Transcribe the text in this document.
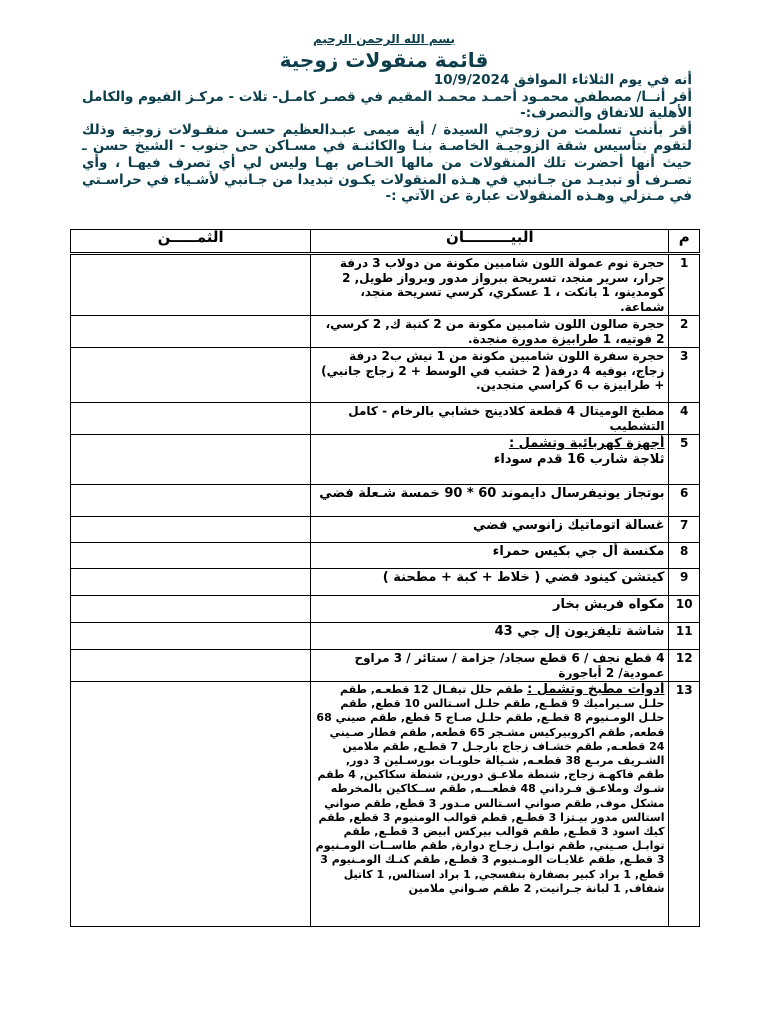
بسم الله الرحمن الرحيم
قائمة منقولات زوجية

أنه في يوم الثلاثاء الموافق 10/9/2024

أقر أنــا/ مصطفي محمـود أحمـد محمـد المقيم في قصـر كامـل- تلات - مركـز الفيوم والكامل الأهلية للاتفاق والتصرف:-

أقر بأننى تسلمت من زوجتي السيدة / أية ميمى عبـدالعظيم حسـن منقـولات زوجية وذلك لتقوم بتأسيس شقة الزوجيـة الخاصـة بنـا والكائنـة في مسـاكن حى جنوب - الشيخ حسن ـ حيث أنها أحضرت تلك المنقولات من مالها الخـاص بهـا وليس لي أي تصرف فيهـا ، وأي تصـرف أو تبديـد من جـانبي في هـذه المنقولات يكـون تبديدا من جـانبي لأشـياء في حراسـتي في مـنزلي وهـذه المنقولات عبارة عن الآتي :-

م	البيـــــــــان	الثمـــــن
1	حجرة نوم عمولة اللون شامبين مكونة من دولاب 3 درفة جرار، سرير منجد، تسريحة ببرواز مدور وبرواز طويل, 2 كومدينو، 1 بانكت ، 1 عسكري، كرسي تسريحة منجد، شماعة.	
2	حجرة صالون اللون شامبين مكونة من 2 كنبة ك, 2 كرسي، 2 فوتيه، 1 طرابيزة مدورة منجدة.	
3	حجرة سفرة اللون شامبين مكونة من 1 نيش ب2 درفة زجاج، بوفيه 4 درفة( 2 خشب في الوسط + 2 زجاج جانبي) + طرابيزة ب 6 كراسي منجدين.	
4	مطبخ الوميتال 4 قطعة كلادينج خشابي بالرخام - كامل التشطيب	
5	أجهزة كهربائية وتشمل :
ثلاجة شارب 16 قدم سوداء	
6	بوتجاز يونيفرسال دايموند 60 * 90 خمسة شـعلة فضي	
7	غسالة اتوماتيك زانوسي فضي	
8	مكنسة أل جي بكيس حمراء	
9	كيتشن كينود فضي ( خلاط + كبة + مطحنة )	
10	مكواه فريش بخار	
11	شاشة تليفزيون إل جي 43	
12	4 قطع نجف / 6 قطع سجاد/ جزامة / ستائر / 3 مراوح عمودية/ 2 أباجورة	
13	أدوات مطبخ وتشمل : طقم حلل تيفـال 12 قطعـه, طقم حلـل سـيراميك 9 قطـع, طقم حلـل اسـتالس 10 قطع, طقم حلـل الومـنيوم 8 قطـع, طقم حلـل صـاج 5 قطع, طقم صيني 68 قطعه, طقم اكروبيركيس مشـجر 65 قطعه, طقم فطار صـيني 24 قطعـه, طقم خشـاف زجاج بارجـل 7 قطـع, طقم ملامين الشـريف مربـع 38 قطعـه, شـيالة حلويـات بورسـلين 3 دور, طقم فاكهـة زجاج, شنطة ملاعـق دورين, شنطة سكاكين, 4 طقم شـوك وملاعـق فـرداني 48 قطعـــه, طقم ســكاكين بالمخرطه مشكل موف, طقم صواني اسـتالس مـدور 3 قطع, طقم صواني استالس مدور بيـتزا 3 قطـع, قطم قوالب الومنيوم 3 قطع, طقم كيك اسود 3 قطـع, طقم قوالب بيركس ابيض 3 قطـع, طقم توابـل صـيني, طقم توابـل زجـاج دوارة, طقم طاســات الومـنيوم 3 قطـع, طقم غلايـات الومـنيوم 3 قطـع, طقم كنـك الومـنيوم 3 قطع, 1 براد كبير بصفارة بنفسجي, 1 براد استالس, 1 كاتيل شفاف, 1 لبانة جـرانيت, 2 طقم صـواني ملامين	
